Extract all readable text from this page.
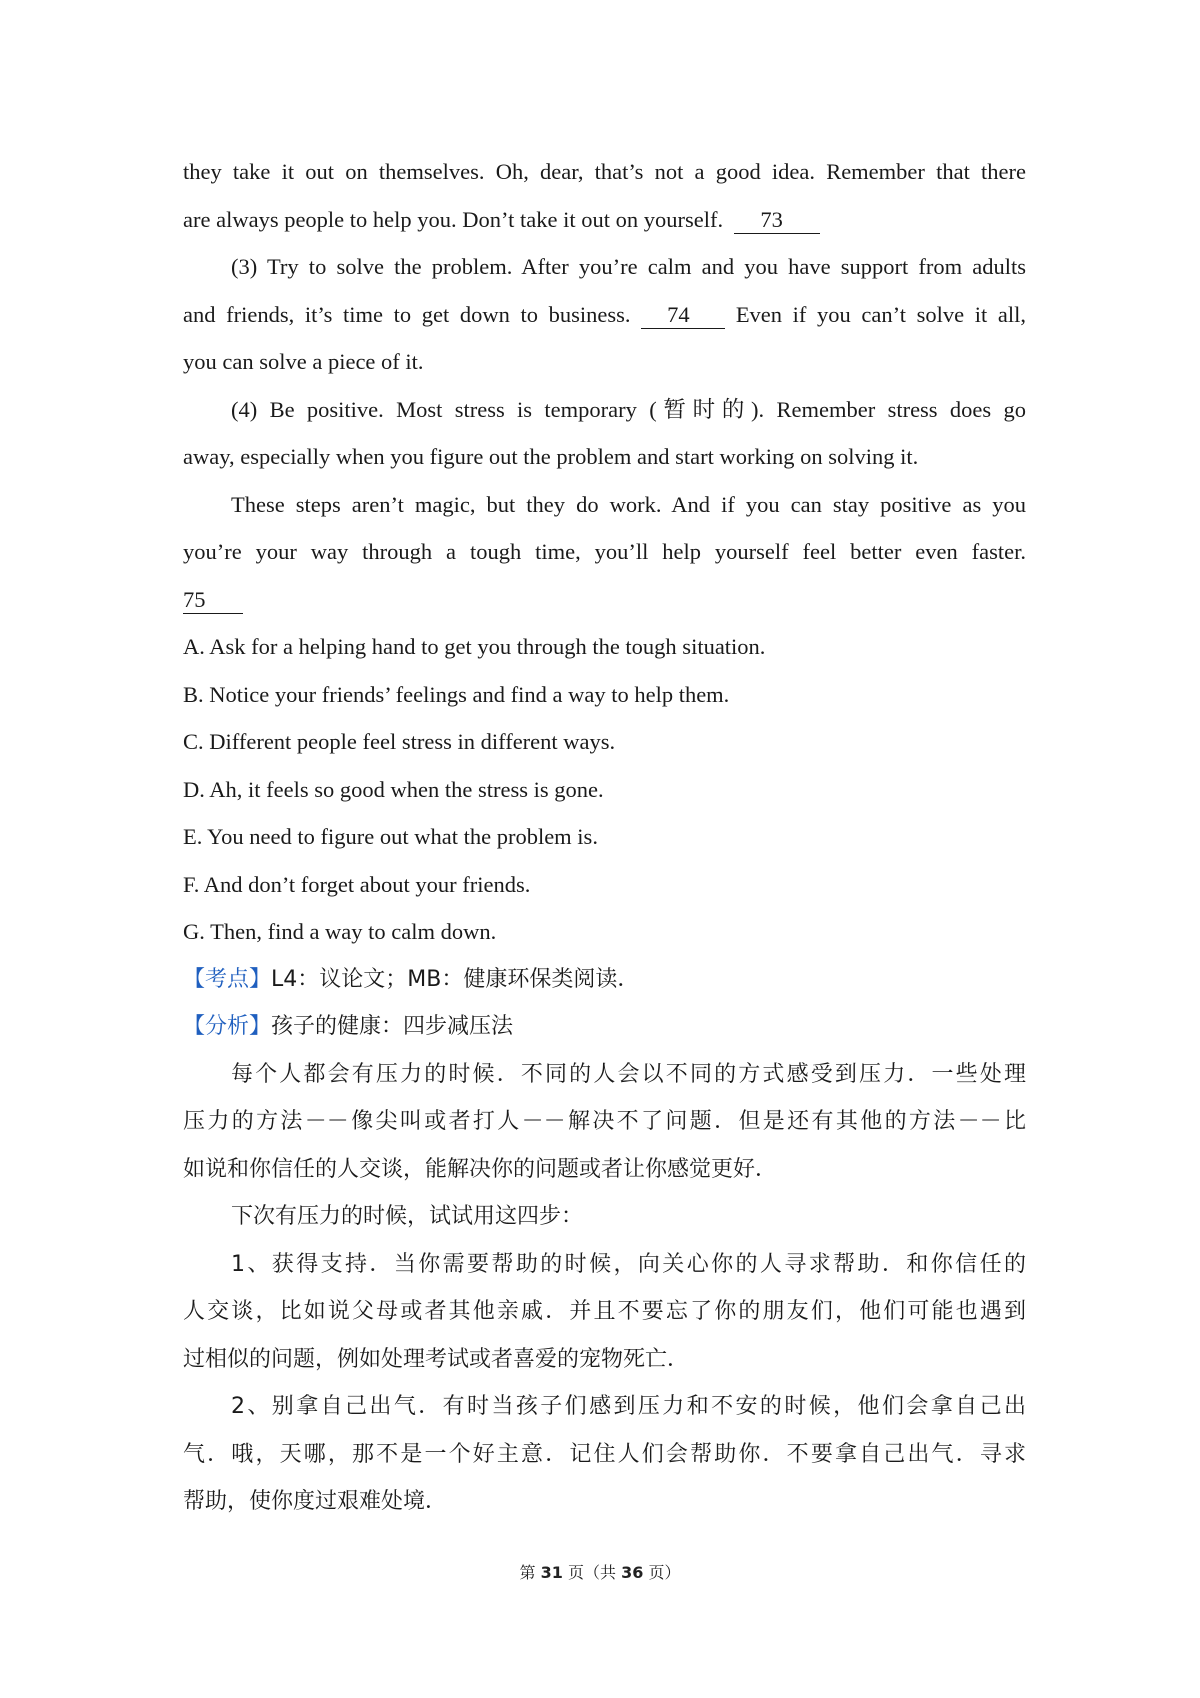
they take it out on themselves. Oh, dear, that’s not a good idea. Remember that there

are always people to help you. Don’t take it out on yourself. 73

(3) Try to solve the problem. After you’re calm and you have support from adults

and friends, it’s time to get down to business. 74 Even if you can’t solve it all,

you can solve a piece of it.

(4) Be positive. Most stress is temporary (暂时的). Remember stress does go

away, especially when you figure out the problem and start working on solving it.

These steps aren’t magic, but they do work. And if you can stay positive as you

you’re your way through a tough time, you’ll help yourself feel better even faster.

75

A. Ask for a helping hand to get you through the tough situation.

B. Notice your friends’ feelings and find a way to help them.

C. Different people feel stress in different ways.

D. Ah, it feels so good when the stress is gone.

E. You need to figure out what the problem is.

F. And don’t forget about your friends.

G. Then, find a way to calm down.

【考点】L4：议论文；MB：健康环保类阅读．

【分析】孩子的健康：四步减压法

每个人都会有压力的时候．不同的人会以不同的方式感受到压力．一些处理

压力的方法－－像尖叫或者打人－－解决不了问题．但是还有其他的方法－－比

如说和你信任的人交谈，能解决你的问题或者让你感觉更好．

下次有压力的时候，试试用这四步：

1、获得支持．当你需要帮助的时候，向关心你的人寻求帮助．和你信任的

人交谈，比如说父母或者其他亲戚．并且不要忘了你的朋友们，他们可能也遇到

过相似的问题，例如处理考试或者喜爱的宠物死亡．

2、别拿自己出气．有时当孩子们感到压力和不安的时候，他们会拿自己出

气．哦，天哪，那不是一个好主意．记住人们会帮助你．不要拿自己出气．寻求

帮助，使你度过艰难处境．

第 31 页（共 36 页）
